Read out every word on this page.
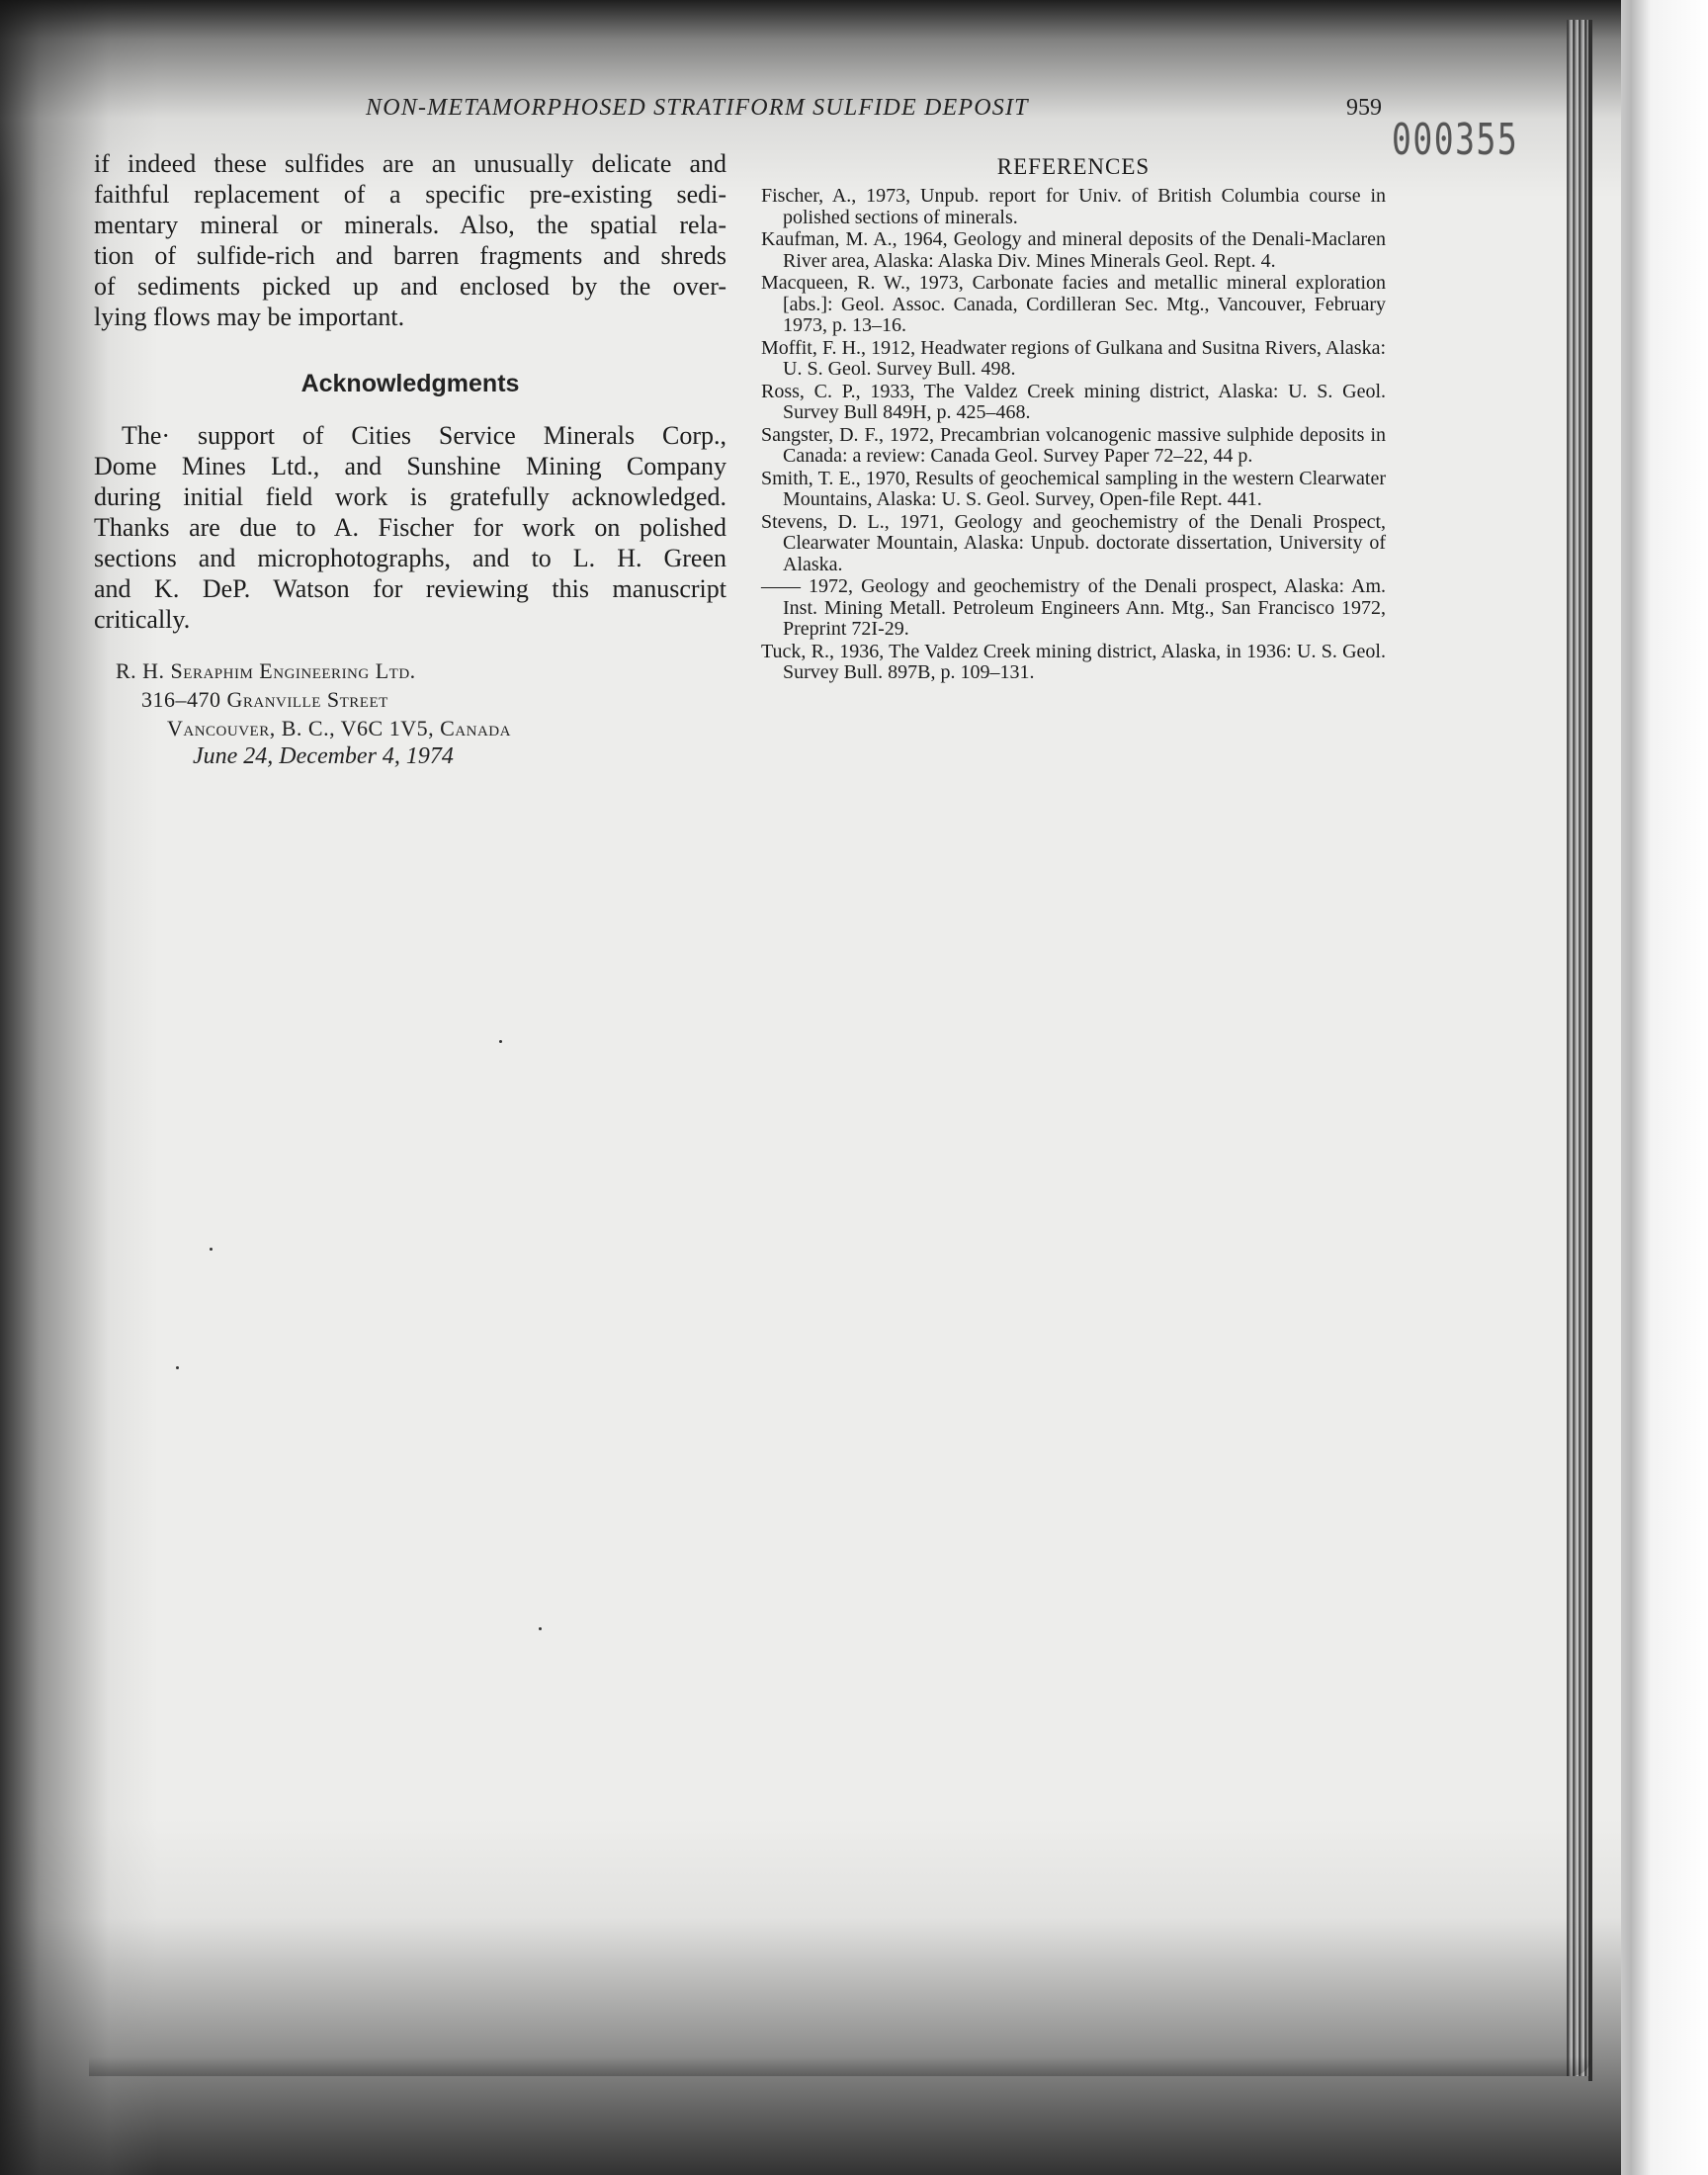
NON-METAMORPHOSED STRATIFORM SULFIDE DEPOSIT	959
000355

if indeed these sulfides are an unusually delicate and
faithful replacement of a specific pre-existing sedi-
mentary mineral or minerals. Also, the spatial rela-
tion of sulfide-rich and barren fragments and shreds
of sediments picked up and enclosed by the over-
lying flows may be important.

Acknowledgments

The· support of Cities Service Minerals Corp.,
Dome Mines Ltd., and Sunshine Mining Company
during initial field work is gratefully acknowledged.
Thanks are due to A. Fischer for work on polished
sections and microphotographs, and to L. H. Green
and K. DeP. Watson for reviewing this manuscript
critically.

R. H. Seraphim Engineering Ltd.
316–470 Granville Street
Vancouver, B. C., V6C 1V5, Canada
June 24, December 4, 1974
REFERENCES
Fischer, A., 1973, Unpub. report for Univ. of British Columbia course in polished sections of minerals.
Kaufman, M. A., 1964, Geology and mineral deposits of the Denali-Maclaren River area, Alaska: Alaska Div. Mines Minerals Geol. Rept. 4.
Macqueen, R. W., 1973, Carbonate facies and metallic mineral exploration [abs.]: Geol. Assoc. Canada, Cordilleran Sec. Mtg., Vancouver, February 1973, p. 13–16.
Moffit, F. H., 1912, Headwater regions of Gulkana and Susitna Rivers, Alaska: U. S. Geol. Survey Bull. 498.
Ross, C. P., 1933, The Valdez Creek mining district, Alaska: U. S. Geol. Survey Bull 849H, p. 425–468.
Sangster, D. F., 1972, Precambrian volcanogenic massive sulphide deposits in Canada: a review: Canada Geol. Survey Paper 72–22, 44 p.
Smith, T. E., 1970, Results of geochemical sampling in the western Clearwater Mountains, Alaska: U. S. Geol. Survey, Open-file Rept. 441.
Stevens, D. L., 1971, Geology and geochemistry of the Denali Prospect, Clearwater Mountain, Alaska: Unpub. doctorate dissertation, University of Alaska.
—— 1972, Geology and geochemistry of the Denali prospect, Alaska: Am. Inst. Mining Metall. Petroleum Engineers Ann. Mtg., San Francisco 1972, Preprint 72I-29.
Tuck, R., 1936, The Valdez Creek mining district, Alaska, in 1936: U. S. Geol. Survey Bull. 897B, p. 109–131.
